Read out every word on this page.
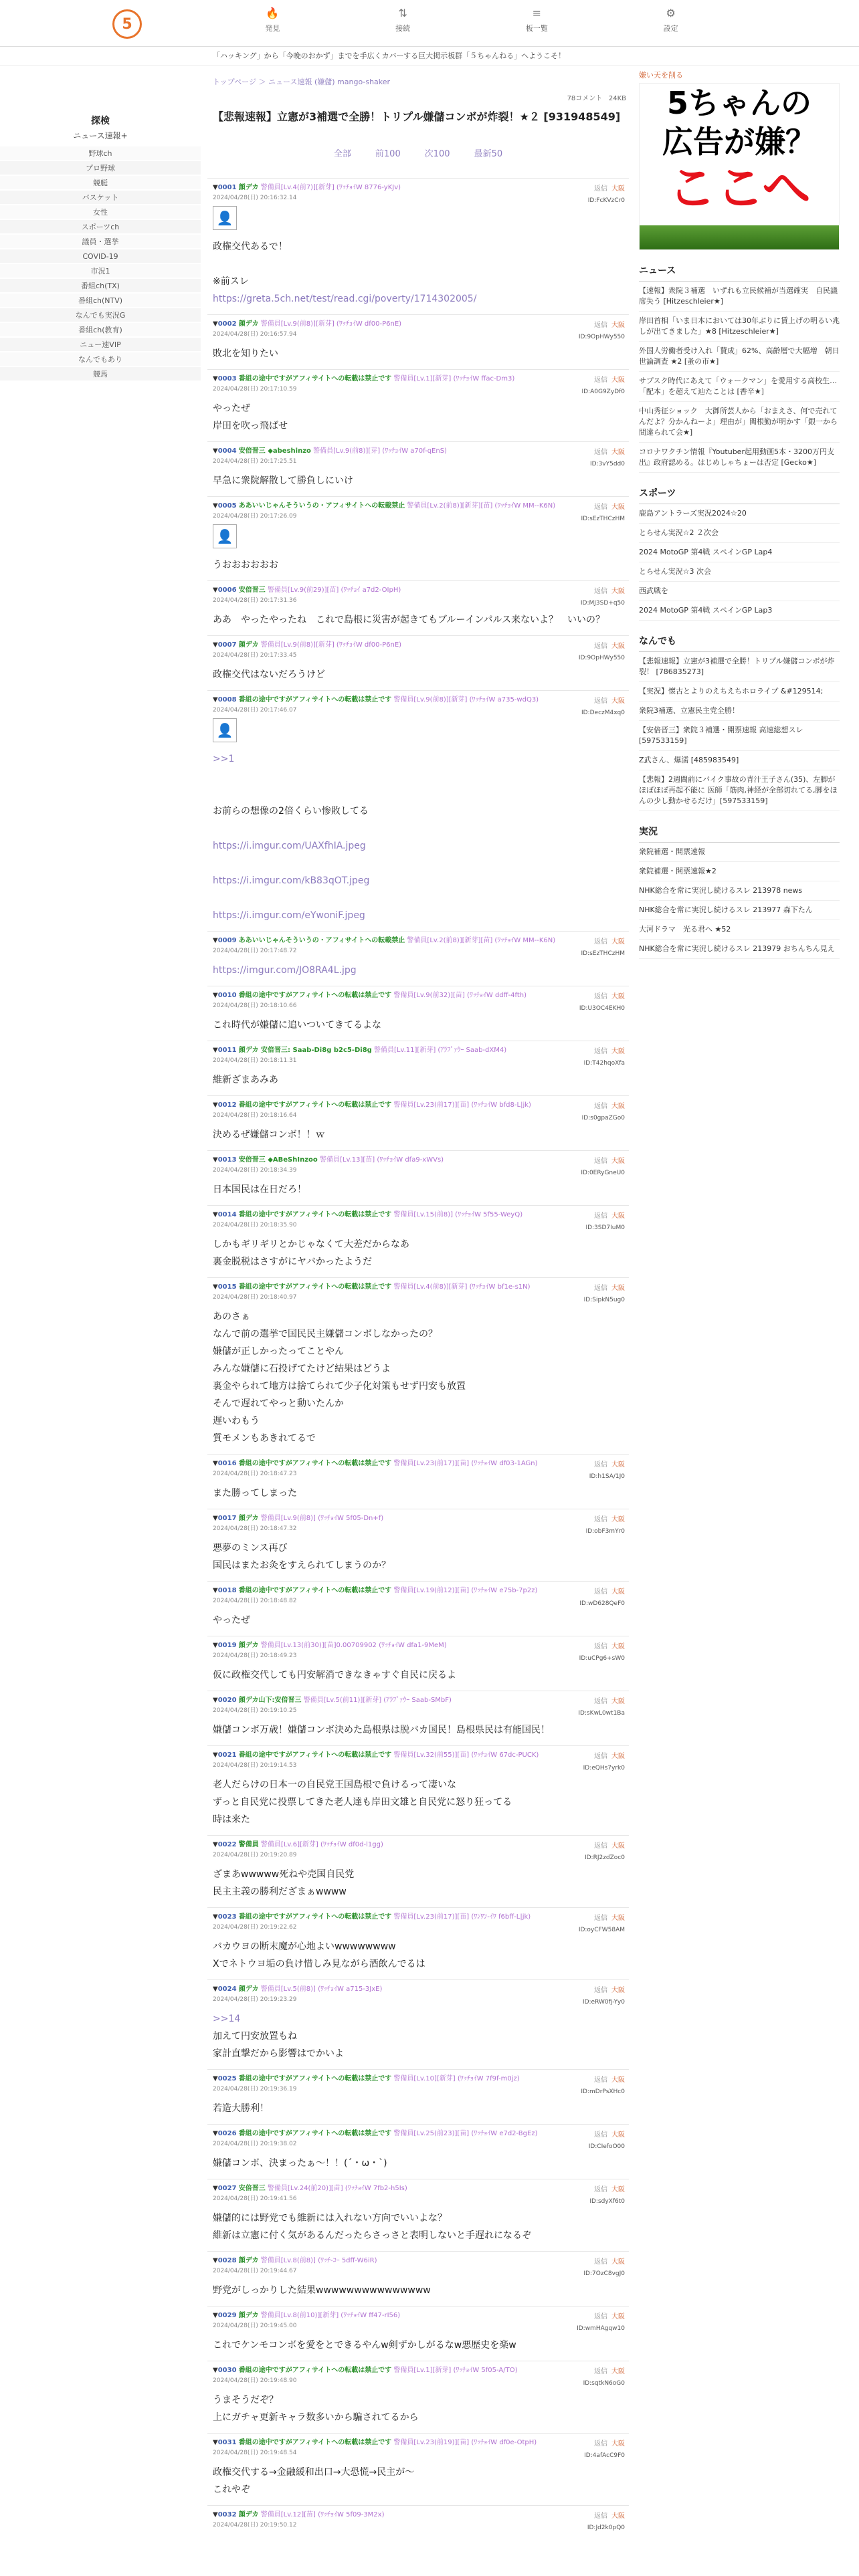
5
🔥
発見
⇅
接続
≡
板一覧
⚙
設定
「ハッキング」から「今晩のおかず」までを手広くカバーする巨大掲示板群「５ちゃんねる」へようこそ！
探検
ニュース速報+
野球ch
プロ野球
競艇
バスケット
女性
スポーツch
議員・選挙
COVID-19
市況1
番組ch(TX)
番組ch(NTV)
なんでも実況G
番組ch(教育)
ニュー速VIP
なんでもあり
競馬
トップページ ＞ ニュース速報 (嫌儲) mango-shaker
78コメント 24KB
【悲報速報】立憲が3補選で全勝！トリプル嫌儲コンボが炸裂！★２ [931948549]
全部	前100	次100	最新50
▼0001 顔デカ 警備員[Lv.4(前7)][新芽] (ﾜｯﾁｮｲW 8776-yKJv)
2024/04/28(日) 20:16:32.14
返信 大阪
ID:FcKVzCr0
👤
政権交代あるで！

※前スレ
https://greta.5ch.net/test/read.cgi/poverty/1714302005/

▼0002 顔デカ 警備員[Lv.9(前8)][新芽] (ﾜｯﾁｮｲW df00-P6nE)
2024/04/28(日) 20:16:57.94
返信 大阪
ID:9OpHWy550
敗北を知りたい

▼0003 番組の途中ですがアフィサイトへの転載は禁止です 警備員[Lv.1][新芽] (ﾜｯﾁｮｲW ffac-Dm3)
2024/04/28(日) 20:17:10.59
返信 大阪
ID:A0G9ZyDf0
やったぜ
岸田を吹っ飛ばせ

▼0004 安倍晋三 ◆abeshinzo 警備員[Lv.9(前8)][芽] (ﾜｯﾁｮｲW a70f-qEnS)
2024/04/28(日) 20:17:25.51
返信 大阪
ID:3vY5dd0
早急に衆院解散して勝負しにいけ

▼0005 ああいいじゃんそういうの・アフィサイトへの転載禁止 警備員[Lv.2(前8)][新芽][苗] (ﾜｯﾁｮｲW MM--K6N)
2024/04/28(日) 20:17:26.09
返信 大阪
ID:sEzTHCzHM
👤
うおおおおおお

▼0006 安倍晋三 警備員[Lv.9(前29)][苗] (ﾜｯﾁｮｲ a7d2-OIpH)
2024/04/28(日) 20:17:31.36
返信 大阪
ID:MJ3SD+q50
ああ　やったやったね　これで島根に災害が起きてもブルーインパルス来ないよ？　いいの？

▼0007 顔デカ 警備員[Lv.9(前8)][新芽] (ﾜｯﾁｮｲW df00-P6nE)
2024/04/28(日) 20:17:33.45
返信 大阪
ID:9OpHWy550
政権交代はないだろうけど

▼0008 番組の途中ですがアフィサイトへの転載は禁止です 警備員[Lv.9(前8)][新芽] (ﾜｯﾁｮｲW a735-wdQ3)
2024/04/28(日) 20:17:46.07
返信 大阪
ID:DeczM4xq0
👤
>>1

お前らの想像の2倍くらい惨敗してる

https://i.imgur.com/UAXfhIA.jpeg

https://i.imgur.com/kB83qOT.jpeg

https://i.imgur.com/eYwoniF.jpeg

▼0009 ああいいじゃんそういうの・アフィサイトへの転載禁止 警備員[Lv.2(前8)][新芽][苗] (ﾜｯﾁｮｲW MM--K6N)
2024/04/28(日) 20:17:48.72
返信 大阪
ID:sEzTHCzHM
https://imgur.com/JO8RA4L.jpg

▼0010 番組の途中ですがアフィサイトへの転載は禁止です 警備員[Lv.9(前32)][苗] (ﾜｯﾁｮｲW ddff-4fth)
2024/04/28(日) 20:18:10.66
返信 大阪
ID:U3OC4EKH0
これ時代が嫌儲に追いついてきてるよな

▼0011 顔デカ 安倍晋三: Saab-Di8g b2c5-Di8g 警備員[Lv.11][新芽] (ｱﾗﾌﾟｧｳｰ Saab-dXM4)
2024/04/28(日) 20:18:11.31
返信 大阪
ID:T42hqoXfa
維新ざまあみあ

▼0012 番組の途中ですがアフィサイトへの転載は禁止です 警備員[Lv.23(前17)][苗] (ﾜｯﾁｮｲW bfd8-L|jk)
2024/04/28(日) 20:18:16.64
返信 大阪
ID:s0gpaZGo0
決めるぜ嫌儲コンボ！！ｗ

▼0013 安倍晋三 ◆ABeShInzoo 警備員[Lv.13][苗] (ﾜｯﾁｮｲW dfa9-xWVs)
2024/04/28(日) 20:18:34.39
返信 大阪
ID:0ERyGneU0
日本国民は在日だろ！

▼0014 番組の途中ですがアフィサイトへの転載は禁止です 警備員[Lv.15(前8)] (ﾜｯﾁｮｲW 5f55-WeyQ)
2024/04/28(日) 20:18:35.90
返信 大阪
ID:3SD7IuM0
しかもギリギリとかじゃなくて大差だからなあ
裏金脱税はさすがにヤバかったようだ

▼0015 番組の途中ですがアフィサイトへの転載は禁止です 警備員[Lv.4(前8)][新芽] (ﾜｯﾁｮｲW bf1e-s1N)
2024/04/28(日) 20:18:40.97
返信 大阪
ID:SipkN5ug0
あのさぁ
なんで前の選挙で国民民主嫌儲コンボしなかったの？
嫌儲が正しかったってことやん
みんな嫌儲に石投げてたけど結果はどうよ
裏金やられて地方は捨てられて少子化対策もせず円安も放置
そんで遅れてやっと動いたんか
遅いわもう
質モメンもあきれてるで

▼0016 番組の途中ですがアフィサイトへの転載は禁止です 警備員[Lv.23(前17)][苗] (ﾜｯﾁｮｲW df03-1AGn)
2024/04/28(日) 20:18:47.23
返信 大阪
ID:h1SA/1J0
また勝ってしまった

▼0017 顔デカ 警備員[Lv.9(前8)] (ﾜｯﾁｮｲW 5f05-Dn+f)
2024/04/28(日) 20:18:47.32
返信 大阪
ID:obF3mYr0
悪夢のミンス再び
国民はまたお灸をすえられてしまうのか？

▼0018 番組の途中ですがアフィサイトへの転載は禁止です 警備員[Lv.19(前12)][苗] (ﾜｯﾁｮｲW e75b-7p2z)
2024/04/28(日) 20:18:48.82
返信 大阪
ID:wD628QeF0
やったぜ

▼0019 顔デカ 警備員[Lv.13(前30)][苗]0.00709902 (ﾜｯﾁｮｲW dfa1-9MeM)
2024/04/28(日) 20:18:49.23
返信 大阪
ID:uCPg6+sW0
仮に政権交代しても円安解消できなきゃすぐ自民に戻るよ

▼0020 顔デカ山下:安倍晋三 警備員[Lv.5(前11)][新芽] (ｱﾗﾌﾟｧｳｰ Saab-SMbF)
2024/04/28(日) 20:19:10.25
返信 大阪
ID:sKwL0wt1Ba
嫌儲コンボ万歳！嫌儲コンボ決めた島根県は脱バカ国民！島根県民は有能国民！

▼0021 番組の途中ですがアフィサイトへの転載は禁止です 警備員[Lv.32(前55)][苗] (ﾜｯﾁｮｲW 67dc-PUCK)
2024/04/28(日) 20:19:14.53
返信 大阪
ID:eQHs7yrk0
老人だらけの日本一の自民党王国島根で負けるって凄いな
ずっと自民党に投票してきた老人達も岸田文雄と自民党に怒り狂ってる
時は来た

▼0022 警備員 警備員[Lv.6][新芽] (ﾜｯﾁｮｲW df0d-l1gg)
2024/04/28(日) 20:19:20.89
返信 大阪
ID:RJ2zdZoc0
ざまあwwwww死ねや売国自民党
民主主義の勝利だざまぁwwww

▼0023 番組の途中ですがアフィサイトへの転載は禁止です 警備員[Lv.23(前17)][苗] (ﾜﾝﾜﾝ-ｲﾜ f6bff-L|jk)
2024/04/28(日) 20:19:22.62
返信 大阪
ID:oyCFW58AM
バカウヨの断末魔が心地よいwwwwwwww
Xでネトウヨ垢の負け惜しみ見ながら酒飲んでるは

▼0024 顔デカ 警備員[Lv.5(前8)] (ﾜｯﾁｮｲW a715-3JxE)
2024/04/28(日) 20:19:23.29
返信 大阪
ID:eRW0fj-Yy0
>>14
加えて円安放置もね
家計直撃だから影響はでかいよ

▼0025 番組の途中ですがアフィサイトへの転載は禁止です 警備員[Lv.10][新芽] (ﾜｯﾁｮｲW 7f9f-m0jz)
2024/04/28(日) 20:19:36.19
返信 大阪
ID:mDrPsXHc0
若造大勝利！

▼0026 番組の途中ですがアフィサイトへの転載は禁止です 警備員[Lv.25(前23)][苗] (ﾜｯﾁｮｲW e7d2-BgEz)
2024/04/28(日) 20:19:38.02
返信 大阪
ID:CIefoO00
嫌儲コンボ、決まったぁ〜！！(´・ω・`)

▼0027 安倍晋三 警備員[Lv.24(前20)][苗] (ﾜｯﾁｮｲW 7fb2-h5Is)
2024/04/28(日) 20:19:41.56
返信 大阪
ID:sdyXf6t0
嫌儲的には野党でも維新には入れない方向でいいよな？
維新は立憲に付く気があるんだったらさっさと表明しないと手遅れになるぞ

▼0028 顔デカ 警備員[Lv.8(前8)] (ﾜｯﾁ-ｺｰ 5dff-W6iR)
2024/04/28(日) 20:19:44.67
返信 大阪
ID:7OzC8vgJ0
野党がしっかりした結果wwwwwwwwwwwwwww

▼0029 顔デカ 警備員[Lv.8(前10)][新芽] (ﾜｯﾁｮｲW ff47-rI56)
2024/04/28(日) 20:19:45.00
返信 大阪
ID:wmHAgqw10
これでケンモコンボを愛をとできるやんw剣ずかしがるなw悪歴史を楽w

▼0030 番組の途中ですがアフィサイトへの転載は禁止です 警備員[Lv.1][新芽] (ﾜｯﾁｮｲW 5f05-A/TO)
2024/04/28(日) 20:19:48.90
返信 大阪
ID:sqtkN6oG0
うまそうだぞ？
上にガチャ更新キャラ数多いから騙されてるから

▼0031 番組の途中ですがアフィサイトへの転載は禁止です 警備員[Lv.23(前19)][苗] (ﾜｯﾁｮｲW df0e-OtpH)
2024/04/28(日) 20:19:48.54
返信 大阪
ID:4afAcC9F0
政権交代する→金融緩和出口→大恐慌→民主が〜
これやぞ

▼0032 顔デカ 警備員[Lv.12][苗] (ﾜｯﾁｮｲW 5f09-3M2x)
2024/04/28(日) 20:19:50.12
返信 大阪
ID:Jd2k0pQ0

嫌い天を削る
5ちゃんの
広告が嫌？
ここへ
ニュース
【速報】衆院３補選　いずれも立民候補が当選確実　自民議席失う [Hitzeschleier★]
岸田首相「いま日本においては30年ぶりに賃上げの明るい兆しが出てきました」★8 [Hitzeschleier★]
外国人労働者受け入れ「賛成」62%、高齢層で大幅増　朝日世論調査 ★2 [蚤の市★]
サプスク時代にあえて「ウォークマン」を愛用する高校生…「配本」を超えて辿たことは [香辛★]
中山秀征ショック　大御所芸人から「おまえさ、何で売れてんだよ？分かんねーよ」理由が」関根勤が明かす「銀一から間違られて会★]
コロナワクチン情報『Youtuber起用動画5本・3200万円支出』政府認める。はじめしゃちょーは否定 [Gecko★]
スポーツ
鹿島アントラーズ実況2024☆20
とらせん実況☆2 ２次会
2024 MotoGP 第4戦 スペインGP Lap4
とらせん実況☆3 次会
西武戦を
2024 MotoGP 第4戦 スペインGP Lap3
なんでも
【悲報速報】立憲が3補選で全勝！トリプル嫌儲コンボが炸裂！ [786835273]
【実況】懐古とよりのえちえちホロライブ &#129514;
衆院3補選、立憲民主党全勝！
【安倍晋三】衆院３補選・開票速報 高速総想スレ [597533159]
Z武さん、爆濡 [485983549]
【悲報】2週間前にバイク事故の青汁王子さん(35)、左脚がほぼほぼ再起不能に 医師「筋肉,神経が全部切れてる,脚をほんの少し動かせるだけ」[597533159]
実況
衆院補選・開票速報
衆院補選・開票速報★2
NHK総合を常に実況し続けるスレ 213978 news
NHK総合を常に実況し続けるスレ 213977 森下たん
大河ドラマ　光る君へ ★52
NHK総合を常に実況し続けるスレ 213979 おちんちん見え
